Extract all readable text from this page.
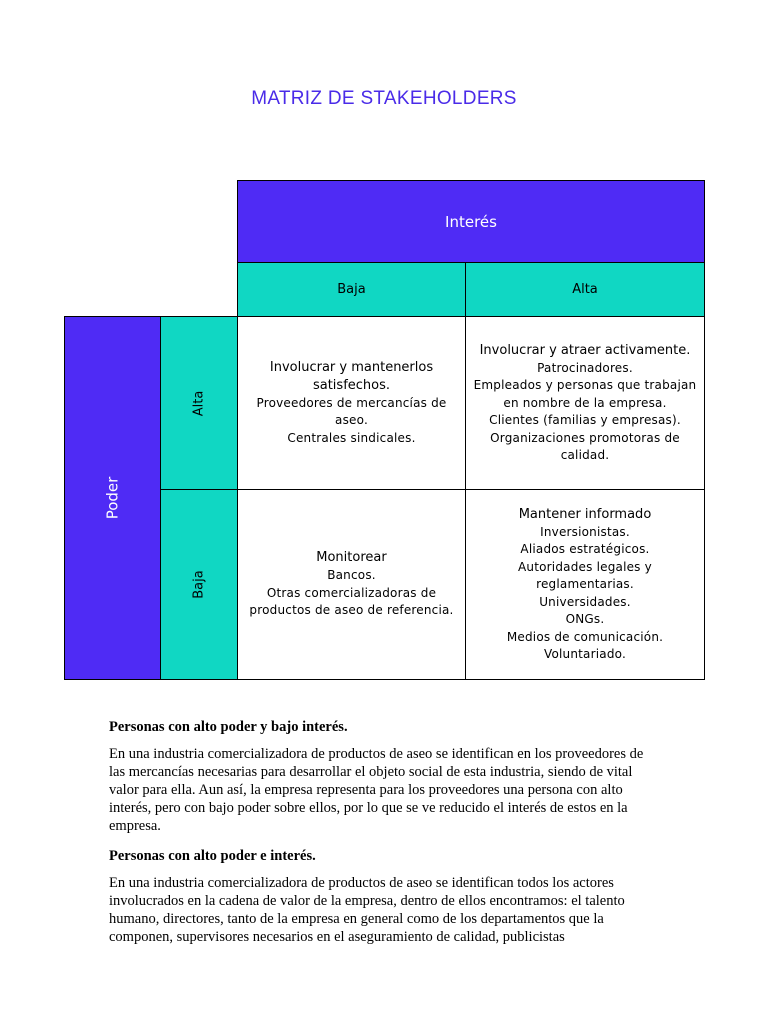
MATRIZ DE STAKEHOLDERS
Interés
Baja	Alta
Poder
Alta
Baja
Involucrar y mantenerlos satisfechos.
Proveedores de mercancías de aseo.
Centrales sindicales.
Involucrar y atraer activamente.
Patrocinadores.
Empleados y personas que trabajan en nombre de la empresa.
Clientes (familias y empresas).
Organizaciones promotoras de calidad.
Monitorear
Bancos.
Otras comercializadoras de productos de aseo de referencia.
Mantener informado
Inversionistas.
Aliados estratégicos.
Autoridades legales y reglamentarias.
Universidades.
ONGs.
Medios de comunicación.
Voluntariado.

Personas con alto poder y bajo interés.

En una industria comercializadora de productos de aseo se identifican en los proveedores de las mercancías necesarias para desarrollar el objeto social de esta industria, siendo de vital valor para ella. Aun así, la empresa representa para los proveedores una persona con alto interés, pero con bajo poder sobre ellos, por lo que se ve reducido el interés de estos en la empresa.

Personas con alto poder e interés.

En una industria comercializadora de productos de aseo se identifican todos los actores involucrados en la cadena de valor de la empresa, dentro de ellos encontramos: el talento humano, directores, tanto de la empresa en general como de los departamentos que la componen, supervisores necesarios en el aseguramiento de calidad, publicistas
